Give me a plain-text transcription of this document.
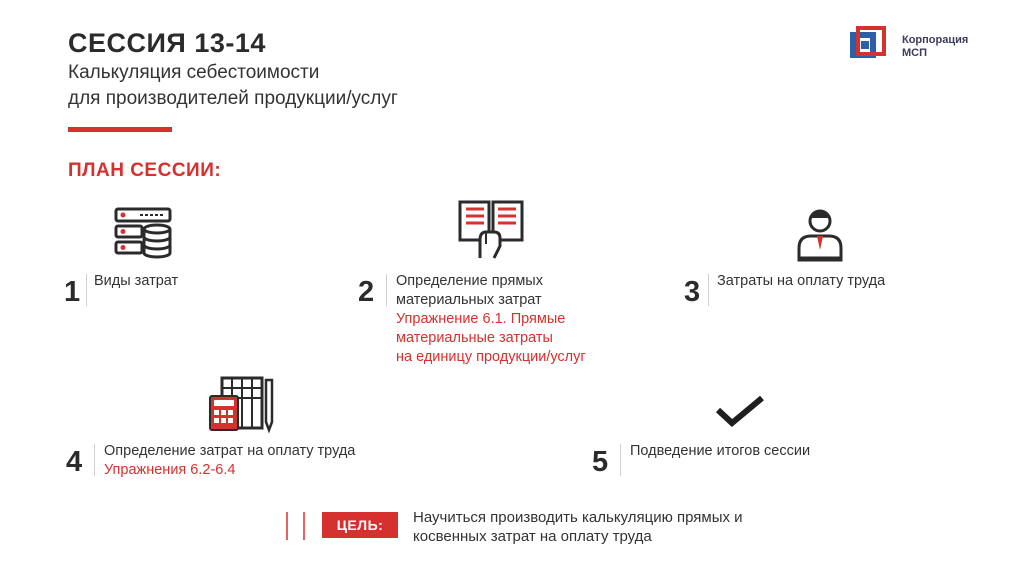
СЕССИЯ 13-14
Калькуляция себестоимости
для производителей продукции/услуг
Корпорация
МСП
ПЛАН СЕССИИ:
1 Виды затрат	2 Определение прямых
материальных затрат
Упражнение 6.1. Прямые
материальные затраты
на единицу продукции/услуг
3 Затраты на оплату труда
4 Определение затрат на оплату труда
Упражнения 6.2-6.4	5 Подведение итогов сессии
ЦЕЛЬ:	Научиться производить калькуляцию прямых и
косвенных затрат на оплату труда
